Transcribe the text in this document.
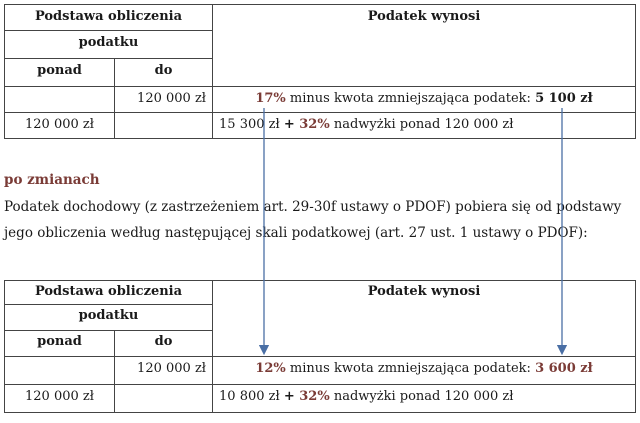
Podstawa obliczenia		Podatek wynosi
podatku		
ponad	do	
	120 000 zł	17% minus kwota zmniejszająca podatek: 5 100 zł
120 000 zł		15 300 zł + 32% nadwyżki ponad 120 000 zł
po zmianach
Podatek dochodowy (z zastrzeżeniem art. 29-30f ustawy o PDOF) pobiera się od podstawy jego obliczenia według następującej skali podatkowej (art. 27 ust. 1 ustawy o PDOF):
Podstawa obliczenia		Podatek wynosi
podatku		
ponad	do	
	120 000 zł	12% minus kwota zmniejszająca podatek: 3 600 zł
120 000 zł		10 800 zł + 32% nadwyżki ponad 120 000 zł
